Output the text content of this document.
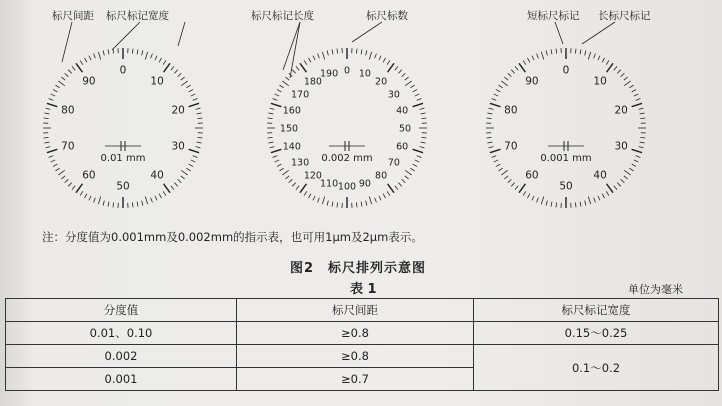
0
10
20
30
40
50
60
70
80
90
0.01 mm
0 10
20
30
40
50
60
70
80
90
100
110
120
130
140
150
160
170
180
190
0.002 mm
0
10
20
30
40
50
60
70
80
90
0.001 mm
标尺间距 标尺标记宽度	标尺标记长度	标尺标数	短标尺标记 长标尺标记
注：分度值为0.001mm及0.002mm的指示表，也可用1μm及2μm表示。
图2　标尺排列示意图
表 1	单位为毫米
分度值	标尺间距	标尺标记宽度
0.01、0.10	≥0.8	0.15～0.25
0.002	≥0.8	0.1～0.2
0.001	≥0.7	
